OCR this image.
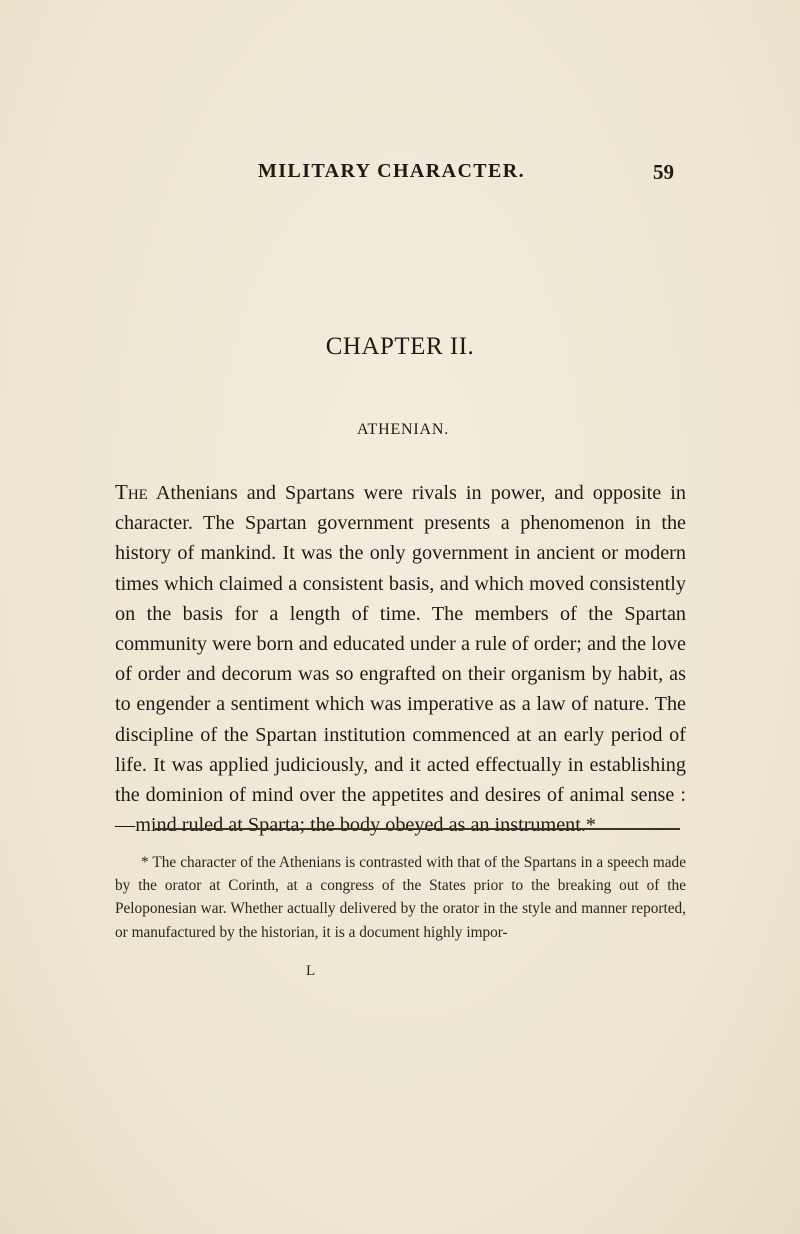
MILITARY CHARACTER.	59
CHAPTER II.
ATHENIAN.

The Athenians and Spartans were rivals in power, and opposite in character. The Spartan government presents a phenomenon in the history of mankind. It was the only government in ancient or modern times which claimed a consistent basis, and which moved consistently on the basis for a length of time. The members of the Spartan community were born and educated under a rule of order; and the love of order and decorum was so engrafted on their organism by habit, as to engender a sentiment which was imperative as a law of nature. The discipline of the Spartan institution commenced at an early period of life. It was applied judiciously, and it acted effectually in establishing the dominion of mind over the appetites and desires of animal sense :—mind ruled at Sparta; the body obeyed as an instrument.*

* The character of the Athenians is contrasted with that of the Spartans in a speech made by the orator at Corinth, at a congress of the States prior to the breaking out of the Peloponesian war. Whether actually delivered by the orator in the style and manner reported, or manufactured by the historian, it is a document highly impor-

L
